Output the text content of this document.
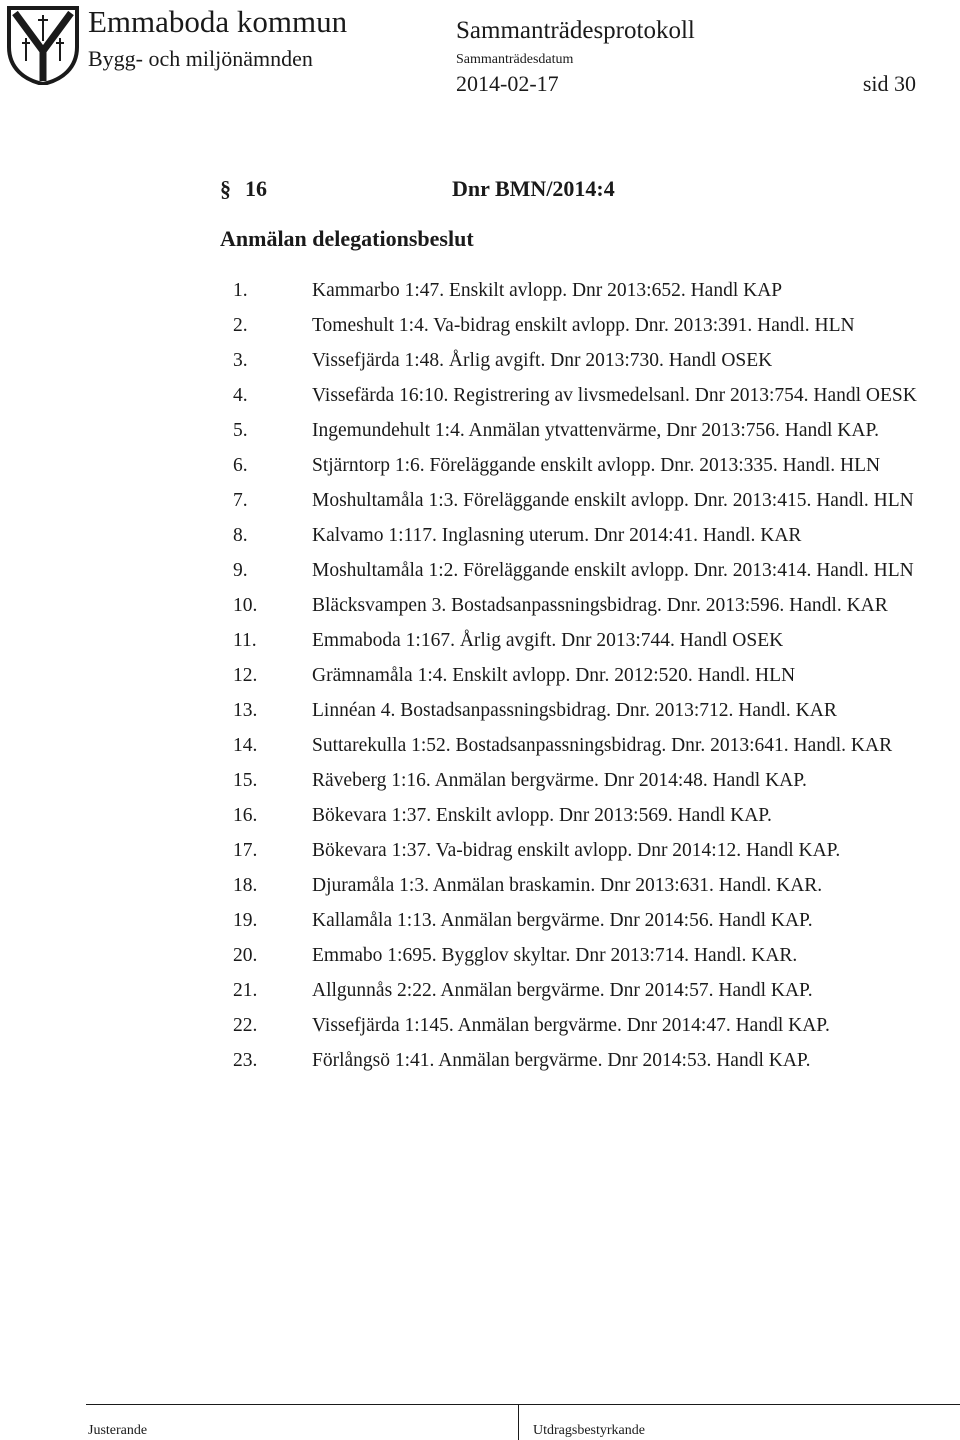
Emmaboda kommun
Bygg- och miljönämnden
Sammanträdesprotokoll
Sammanträdesdatum
2014-02-17	sid 30
§ 16	Dnr BMN/2014:4
Anmälan delegationsbeslut
1.	Kammarbo 1:47. Enskilt avlopp. Dnr 2013:652. Handl KAP
2.	Tomeshult 1:4. Va-bidrag enskilt avlopp. Dnr. 2013:391. Handl. HLN
3.	Vissefjärda 1:48. Årlig avgift. Dnr 2013:730. Handl OSEK
4.	Vissefärda 16:10. Registrering av livsmedelsanl. Dnr 2013:754. Handl OESK
5.	Ingemundehult 1:4. Anmälan ytvattenvärme, Dnr 2013:756. Handl KAP.
6.	Stjärntorp 1:6. Föreläggande enskilt avlopp. Dnr. 2013:335. Handl. HLN
7.	Moshultamåla 1:3. Föreläggande enskilt avlopp. Dnr. 2013:415. Handl. HLN
8.	Kalvamo 1:117. Inglasning uterum. Dnr 2014:41. Handl. KAR
9.	Moshultamåla 1:2. Föreläggande enskilt avlopp. Dnr. 2013:414. Handl. HLN
10.	Bläcksvampen 3. Bostadsanpassningsbidrag. Dnr. 2013:596. Handl. KAR
11.	Emmaboda 1:167. Årlig avgift. Dnr 2013:744. Handl OSEK
12.	Grämnamåla 1:4. Enskilt avlopp. Dnr. 2012:520. Handl. HLN
13.	Linnéan 4. Bostadsanpassningsbidrag. Dnr. 2013:712. Handl. KAR
14.	Suttarekulla 1:52. Bostadsanpassningsbidrag. Dnr. 2013:641. Handl. KAR
15.	Räveberg 1:16. Anmälan bergvärme. Dnr 2014:48. Handl KAP.
16.	Bökevara 1:37. Enskilt avlopp. Dnr 2013:569. Handl KAP.
17.	Bökevara 1:37. Va-bidrag enskilt avlopp. Dnr 2014:12. Handl KAP.
18.	Djuramåla 1:3. Anmälan braskamin. Dnr 2013:631. Handl. KAR.
19.	Kallamåla 1:13. Anmälan bergvärme. Dnr 2014:56. Handl KAP.
20.	Emmabo 1:695. Bygglov skyltar. Dnr 2013:714. Handl. KAR.
21.	Allgunnås 2:22. Anmälan bergvärme. Dnr 2014:57. Handl KAP.
22.	Vissefjärda 1:145. Anmälan bergvärme. Dnr 2014:47. Handl KAP.
23.	Förlångsö 1:41. Anmälan bergvärme. Dnr 2014:53. Handl KAP.
Justerande	Utdragsbestyrkande
